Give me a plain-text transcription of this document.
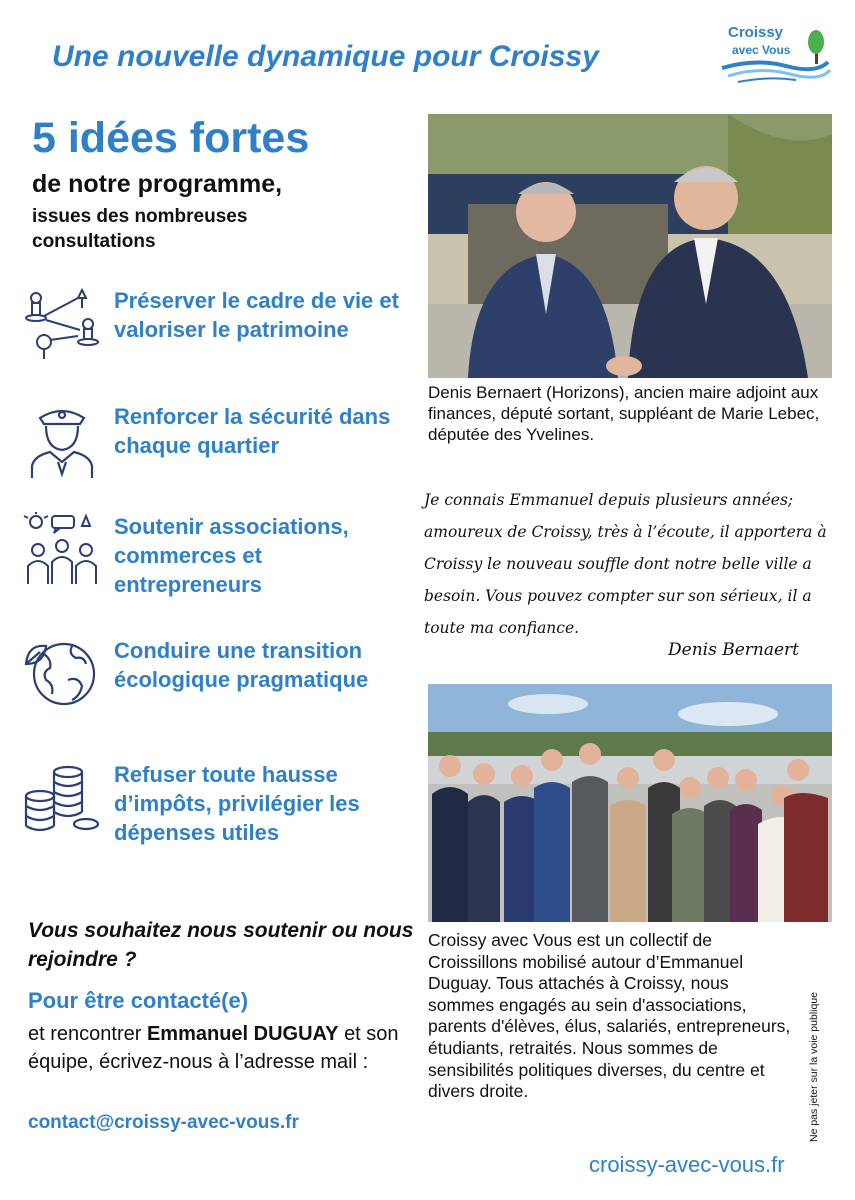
Une nouvelle dynamique pour Croissy
Croissy
avec Vous
5 idées fortes
de notre programme,
issues des nombreuses consultations
Préserver le cadre de vie et valoriser le patrimoine
Renforcer la sécurité dans chaque quartier
Soutenir associations, commerces et entrepreneurs
Conduire une transition écologique pragmatique
Refuser toute hausse d’impôts, privilégier les dépenses utiles
Vous souhaitez nous soutenir ou nous rejoindre ?
Pour être contacté(e)
et rencontrer Emmanuel DUGUAY et son équipe, écrivez-nous à l’adresse mail :
contact@croissy-avec-vous.fr
Denis Bernaert (Horizons), ancien maire adjoint aux finances, député sortant, suppléant de Marie Lebec, députée des Yvelines.
Je connais Emmanuel depuis plusieurs années; amoureux de Croissy, très à l’écoute, il apportera à Croissy le nouveau souffle dont notre belle ville a besoin. Vous pouvez compter sur son sérieux, il a toute ma confiance.
Denis Bernaert
Croissy avec Vous est un collectif de Croissillons mobilisé autour d’Emmanuel Duguay. Tous attachés à Croissy, nous sommes engagés au sein d'associations, parents d'élèves, élus, salariés, entrepreneurs, étudiants, retraités. Nous sommes de sensibilités politiques diverses, du centre et divers droite.	Ne pas jeter sur la voie publique
croissy-avec-vous.fr
